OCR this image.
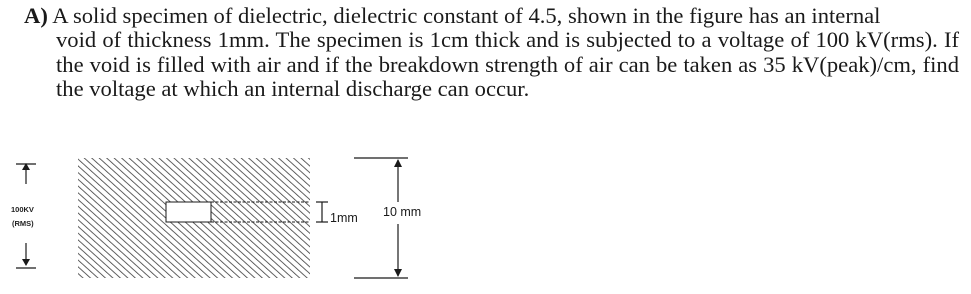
A) A solid specimen of dielectric, dielectric constant of 4.5, shown in the figure has an internal
void of thickness 1mm. The specimen is 1cm thick and is subjected to a voltage of 100 kV(rms). If the void is filled with air and if the breakdown strength of air can be taken as 35 kV(peak)/cm, find the voltage at which an internal discharge can occur.
100KV
(RMS)	1mm 10 mm
